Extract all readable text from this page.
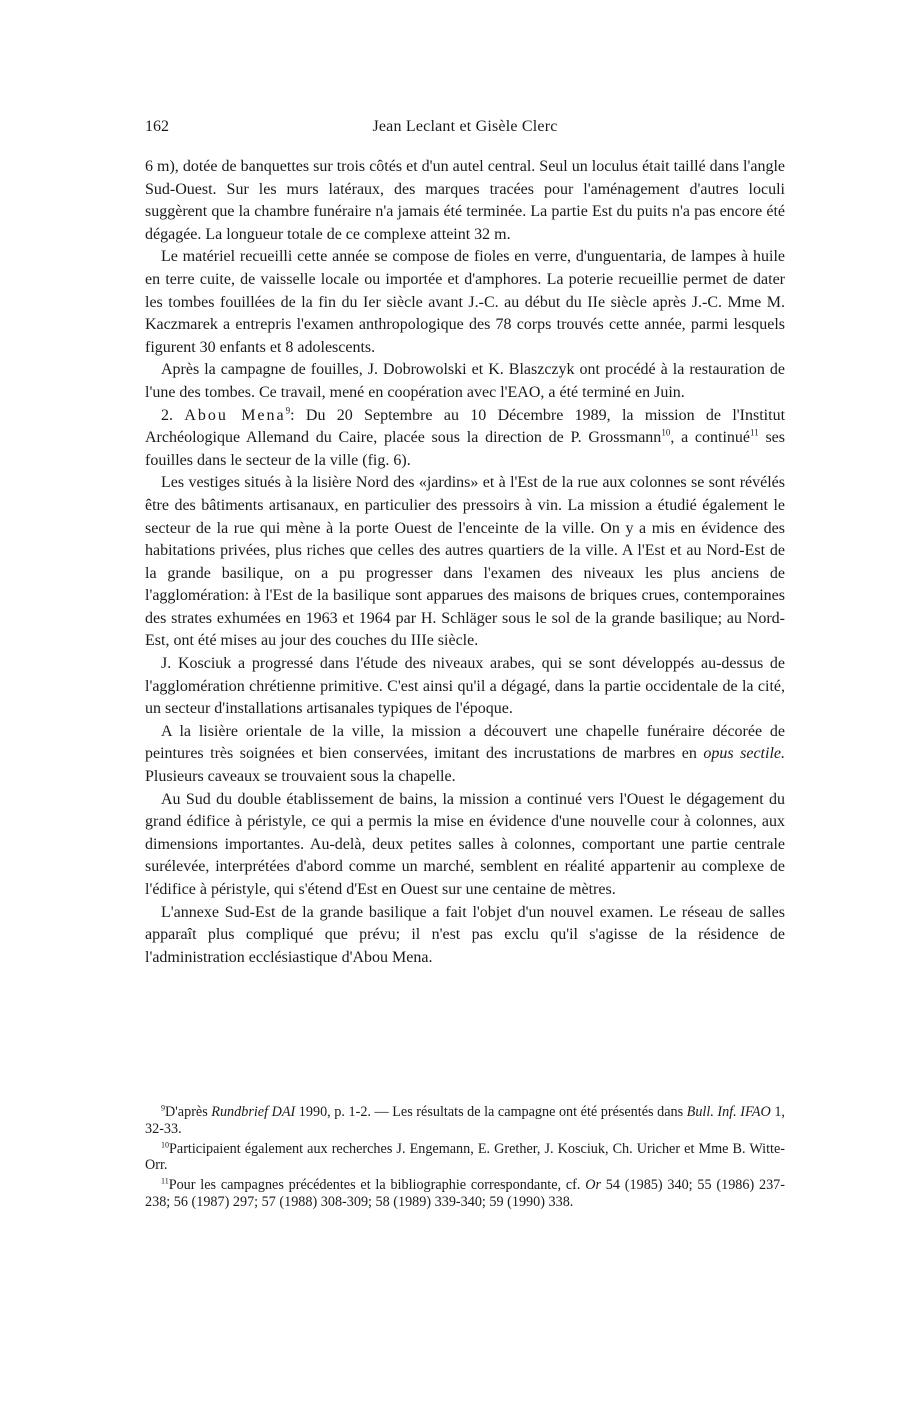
162	Jean Leclant et Gisèle Clerc

6 m), dotée de banquettes sur trois côtés et d'un autel central. Seul un loculus était taillé dans l'angle Sud-Ouest. Sur les murs latéraux, des marques tracées pour l'aménagement d'autres loculi suggèrent que la chambre funéraire n'a jamais été terminée. La partie Est du puits n'a pas encore été dégagée. La longueur totale de ce complexe atteint 32 m.

Le matériel recueilli cette année se compose de fioles en verre, d'unguentaria, de lampes à huile en terre cuite, de vaisselle locale ou importée et d'amphores. La poterie recueillie permet de dater les tombes fouillées de la fin du Ier siècle avant J.-C. au début du IIe siècle après J.-C. Mme M. Kaczmarek a entrepris l'examen anthropologique des 78 corps trouvés cette année, parmi lesquels figurent 30 enfants et 8 adolescents.

Après la campagne de fouilles, J. Dobrowolski et K. Blaszczyk ont procédé à la restauration de l'une des tombes. Ce travail, mené en coopération avec l'EAO, a été terminé en Juin.

2. Abou Mena$^9$: Du 20 Septembre au 10 Décembre 1989, la mission de l'Institut Archéologique Allemand du Caire, placée sous la direction de P. Grossmann$^{10}$, a continué$^{11}$ ses fouilles dans le secteur de la ville (fig. 6).

Les vestiges situés à la lisière Nord des «jardins» et à l'Est de la rue aux colonnes se sont révélés être des bâtiments artisanaux, en particulier des pressoirs à vin. La mission a étudié également le secteur de la rue qui mène à la porte Ouest de l'enceinte de la ville. On y a mis en évidence des habitations privées, plus riches que celles des autres quartiers de la ville. A l'Est et au Nord-Est de la grande basilique, on a pu progresser dans l'examen des niveaux les plus anciens de l'agglomération: à l'Est de la basilique sont apparues des maisons de briques crues, contemporaines des strates exhumées en 1963 et 1964 par H. Schläger sous le sol de la grande basilique; au Nord-Est, ont été mises au jour des couches du IIIe siècle.

J. Kosciuk a progressé dans l'étude des niveaux arabes, qui se sont développés au-dessus de l'agglomération chrétienne primitive. C'est ainsi qu'il a dégagé, dans la partie occidentale de la cité, un secteur d'installations artisanales typiques de l'époque.

A la lisière orientale de la ville, la mission a découvert une chapelle funéraire décorée de peintures très soignées et bien conservées, imitant des incrustations de marbres en opus sectile. Plusieurs caveaux se trouvaient sous la chapelle.

Au Sud du double établissement de bains, la mission a continué vers l'Ouest le dégagement du grand édifice à péristyle, ce qui a permis la mise en évidence d'une nouvelle cour à colonnes, aux dimensions importantes. Au-delà, deux petites salles à colonnes, comportant une partie centrale surélevée, interprétées d'abord comme un marché, semblent en réalité appartenir au complexe de l'édifice à péristyle, qui s'étend d'Est en Ouest sur une centaine de mètres.

L'annexe Sud-Est de la grande basilique a fait l'objet d'un nouvel examen. Le réseau de salles apparaît plus compliqué que prévu; il n'est pas exclu qu'il s'agisse de la résidence de l'administration ecclésiastique d'Abou Mena.

$^9$D'après Rundbrief DAI 1990, p. 1-2. — Les résultats de la campagne ont été présentés dans Bull. Inf. IFAO 1, 32-33.

$^{10}$Participaient également aux recherches J. Engemann, E. Grether, J. Kosciuk, Ch. Uricher et Mme B. Witte-Orr.

$^{11}$Pour les campagnes précédentes et la bibliographie correspondante, cf. Or 54 (1985) 340; 55 (1986) 237-238; 56 (1987) 297; 57 (1988) 308-309; 58 (1989) 339-340; 59 (1990) 338.
